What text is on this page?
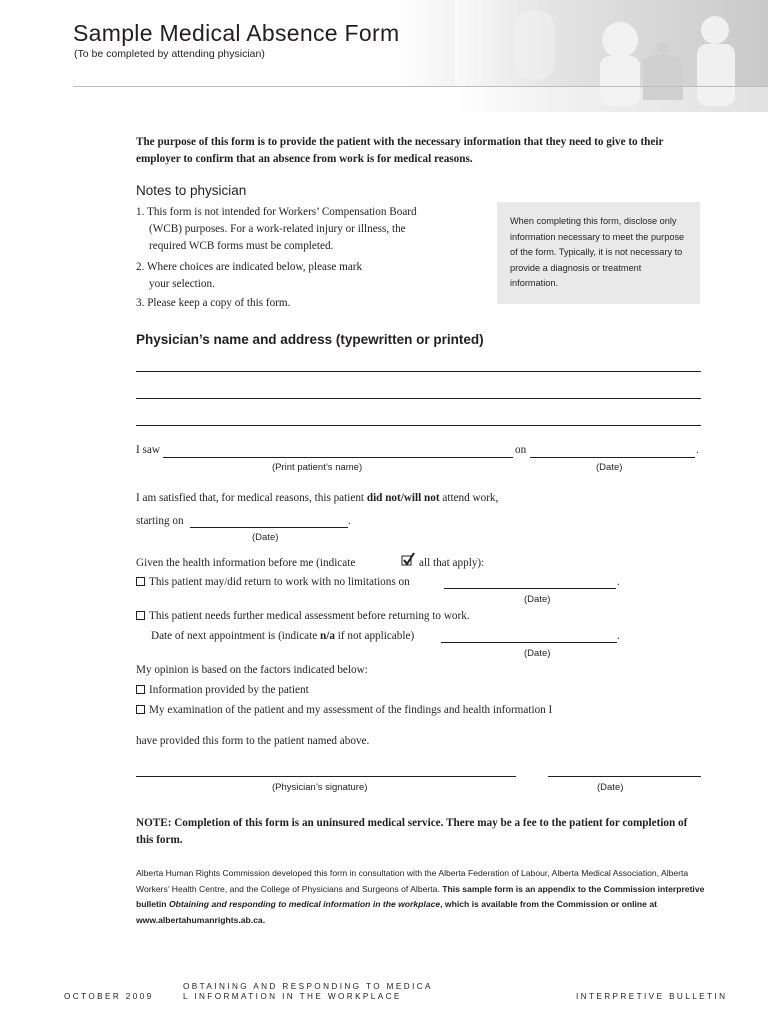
Sample Medical Absence Form
(To be completed by attending physician)
The purpose of this form is to provide the patient with the necessary information that they need to give to their employer to confirm that an absence from work is for medical reasons.
Notes to physician
1. This form is not intended for Workers’ Compensation Board
(WCB) purposes. For a work-related injury or illness, the
required WCB forms must be completed.
2. Where choices are indicated below, please mark
your selection.
3. Please keep a copy of this form.
When completing this form, disclose only information necessary to meet the purpose of the form. Typically, it is not necessary to provide a diagnosis or treatment information.
Physician’s name and address (typewritten or printed)
I saw	on	.
(Print patient’s name)	(Date)
I am satisfied that, for medical reasons, this patient did not/will not attend work,
starting on	.
(Date)
Given the health information before me (indicate	all that apply):
This patient may/did return to work with no limitations on	.
(Date)
This patient needs further medical assessment before returning to work.
Date of next appointment is (indicate n/a if not applicable)	.
(Date)
My opinion is based on the factors indicated below:
Information provided by the patient
My examination of the patient and my assessment of the findings and health information I
have provided this form to the patient named above.
(Physician’s signature)	(Date)
NOTE: Completion of this form is an uninsured medical service. There may be a fee to the patient for completion of this form.
Alberta Human Rights Commission developed this form in consultation with the Alberta Federation of Labour, Alberta Medical Association, Alberta Workers’ Health Centre, and the College of Physicians and Surgeons of Alberta. This sample form is an appendix to the Commission interpretive bulletin Obtaining and responding to medical information in the workplace, which is available from the Commission or online at www.albertahumanrights.ab.ca.
OCTOBER 2009
OBTAINING AND RESPONDING TO MEDICA
L INFORMATION IN THE WORKPLACE	INTERPRETIVE BULLETIN
